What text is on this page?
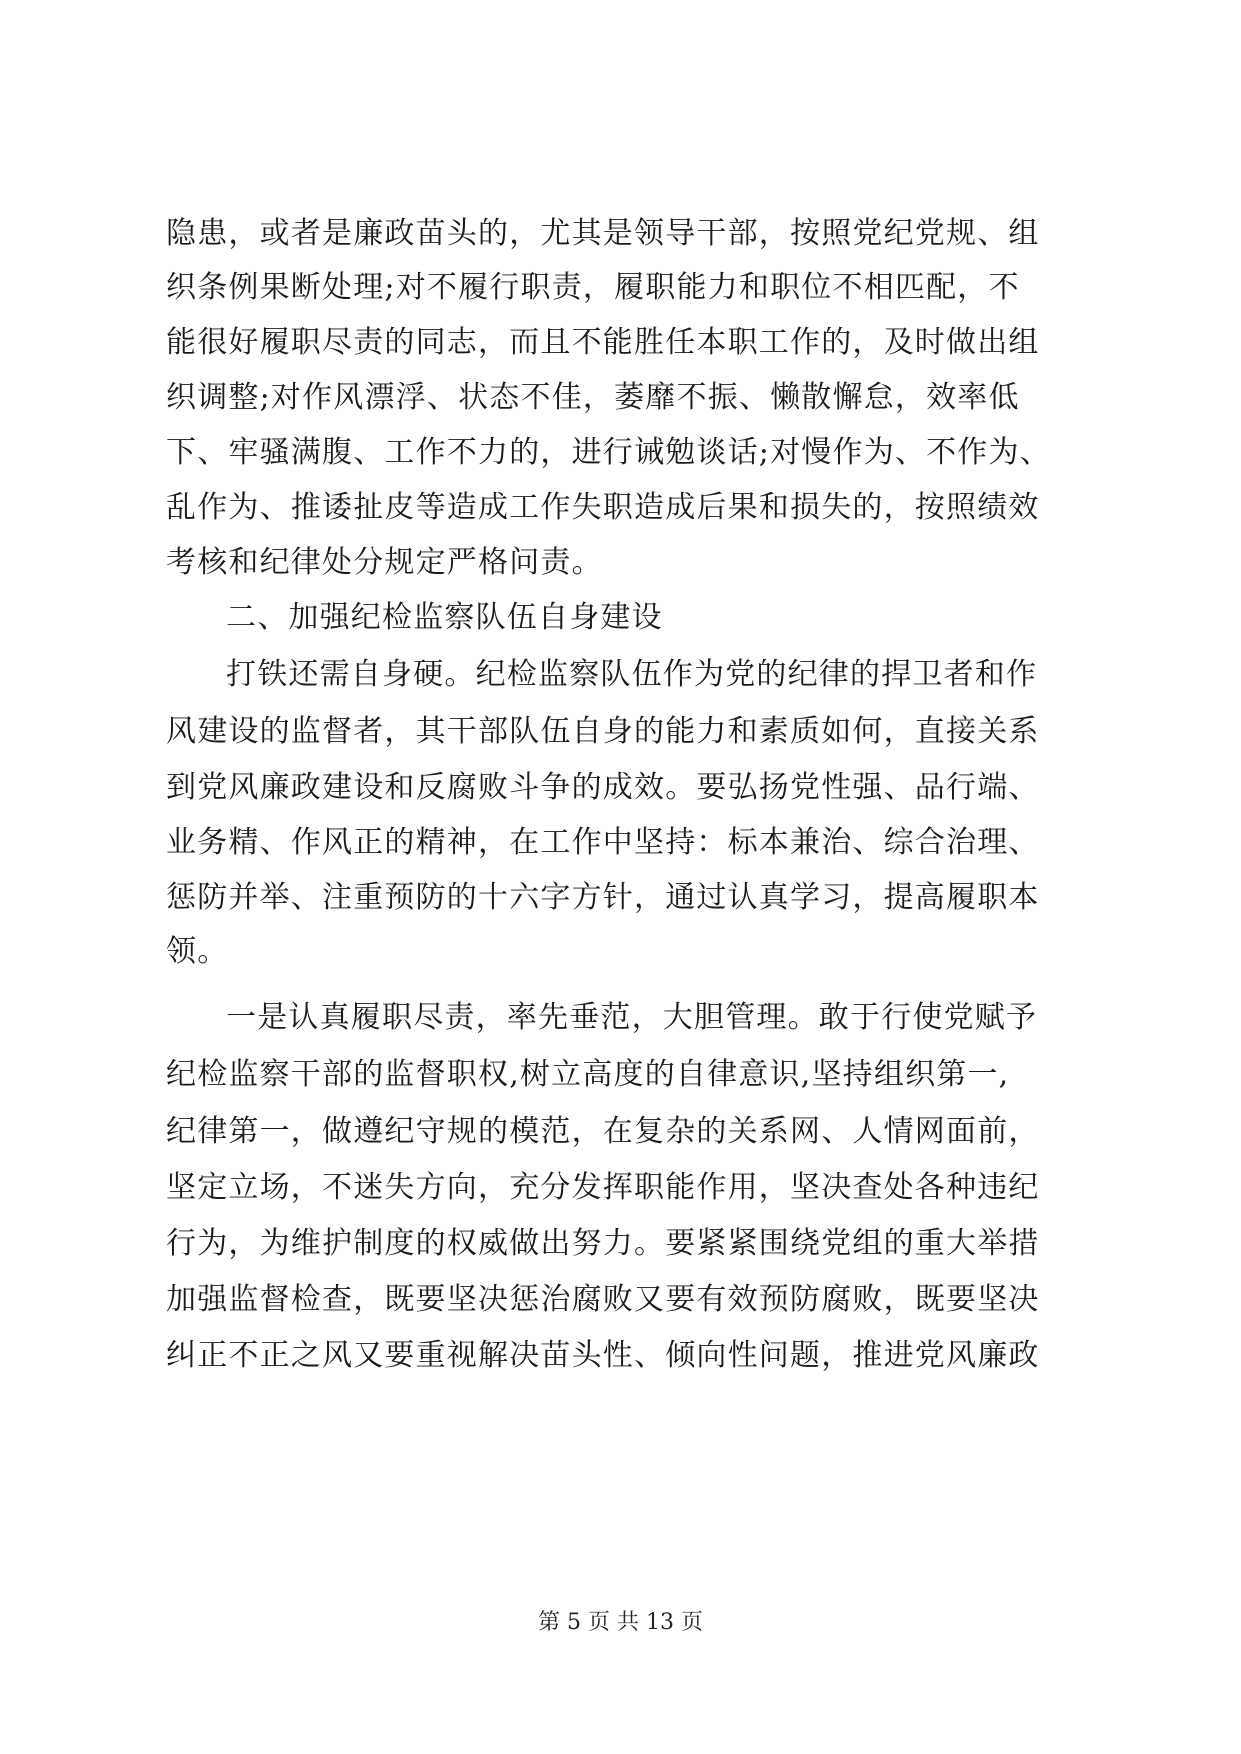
隐患，或者是廉政苗头的，尤其是领导干部，按照党纪党规、组
织条例果断处理;对不履行职责，履职能力和职位不相匹配，不
能很好履职尽责的同志，而且不能胜任本职工作的，及时做出组
织调整;对作风漂浮、状态不佳，萎靡不振、懒散懈怠，效率低
下、牢骚满腹、工作不力的，进行诫勉谈话;对慢作为、不作为、
乱作为、推诿扯皮等造成工作失职造成后果和损失的，按照绩效
考核和纪律处分规定严格问责。
二、加强纪检监察队伍自身建设
打铁还需自身硬。纪检监察队伍作为党的纪律的捍卫者和作
风建设的监督者，其干部队伍自身的能力和素质如何，直接关系
到党风廉政建设和反腐败斗争的成效。要弘扬党性强、品行端、
业务精、作风正的精神，在工作中坚持：标本兼治、综合治理、
惩防并举、注重预防的十六字方针，通过认真学习，提高履职本
领。
一是认真履职尽责，率先垂范，大胆管理。敢于行使党赋予
纪检监察干部的监督职权,树立高度的自律意识,坚持组织第一,
纪律第一，做遵纪守规的模范，在复杂的关系网、人情网面前，
坚定立场，不迷失方向，充分发挥职能作用，坚决查处各种违纪
行为，为维护制度的权威做出努力。要紧紧围绕党组的重大举措
加强监督检查，既要坚决惩治腐败又要有效预防腐败，既要坚决
纠正不正之风又要重视解决苗头性、倾向性问题，推进党风廉政
第 5 页 共 13 页
